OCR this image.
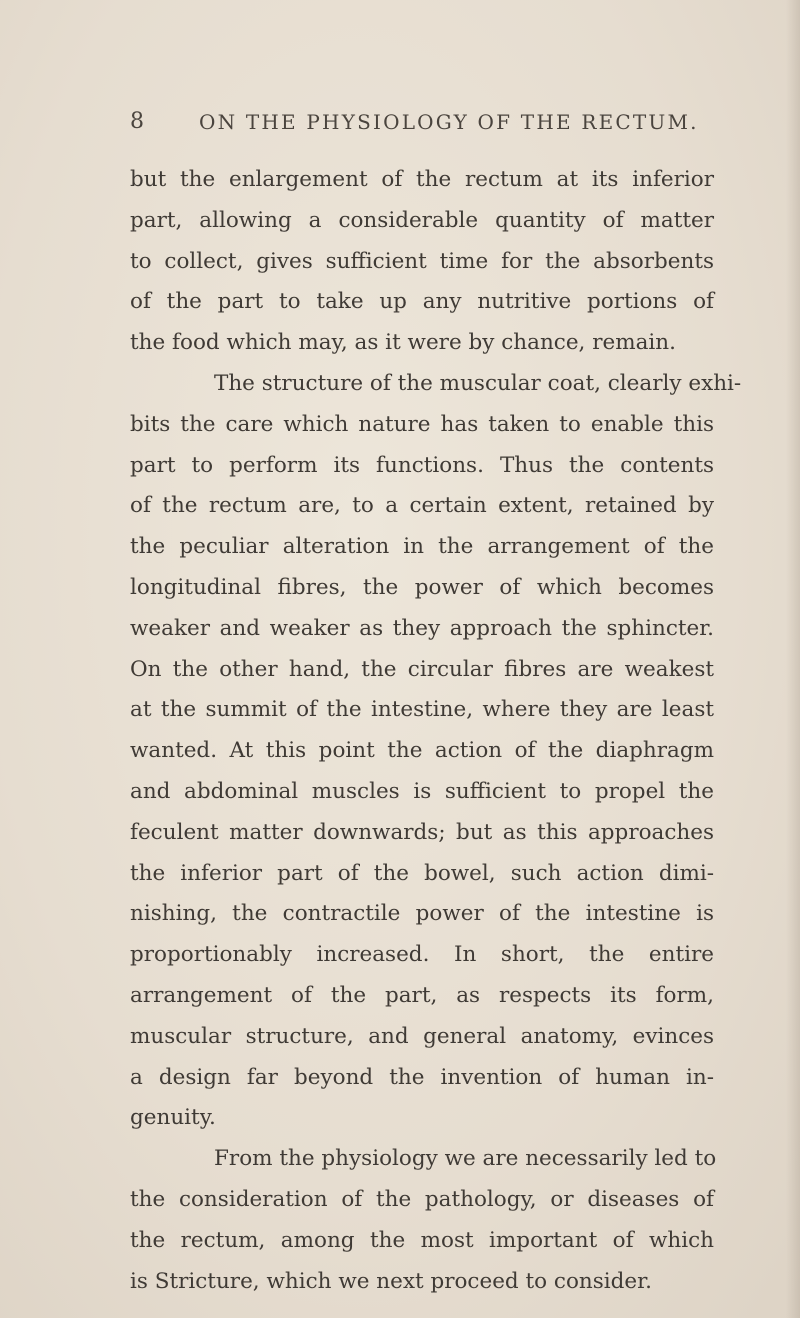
8	ON THE PHYSIOLOGY OF THE RECTUM.
but the enlargement of the rectum at its inferior
part, allowing a considerable quantity of matter
to collect, gives sufficient time for the absorbents
of the part to take up any nutritive portions of
the food which may, as it were by chance, remain.
The structure of the muscular coat, clearly exhi-
bits the care which nature has taken to enable this
part to perform its functions. Thus the contents
of the rectum are, to a certain extent, retained by
the peculiar alteration in the arrangement of the
longitudinal fibres, the power of which becomes
weaker and weaker as they approach the sphincter.
On the other hand, the circular fibres are weakest
at the summit of the intestine, where they are least
wanted. At this point the action of the diaphragm
and abdominal muscles is sufficient to propel the
feculent matter downwards; but as this approaches
the inferior part of the bowel, such action dimi-
nishing, the contractile power of the intestine is
proportionably increased. In short, the entire
arrangement of the part, as respects its form,
muscular structure, and general anatomy, evinces
a design far beyond the invention of human in-
genuity.
From the physiology we are necessarily led to
the consideration of the pathology, or diseases of
the rectum, among the most important of which
is Stricture, which we next proceed to consider.
